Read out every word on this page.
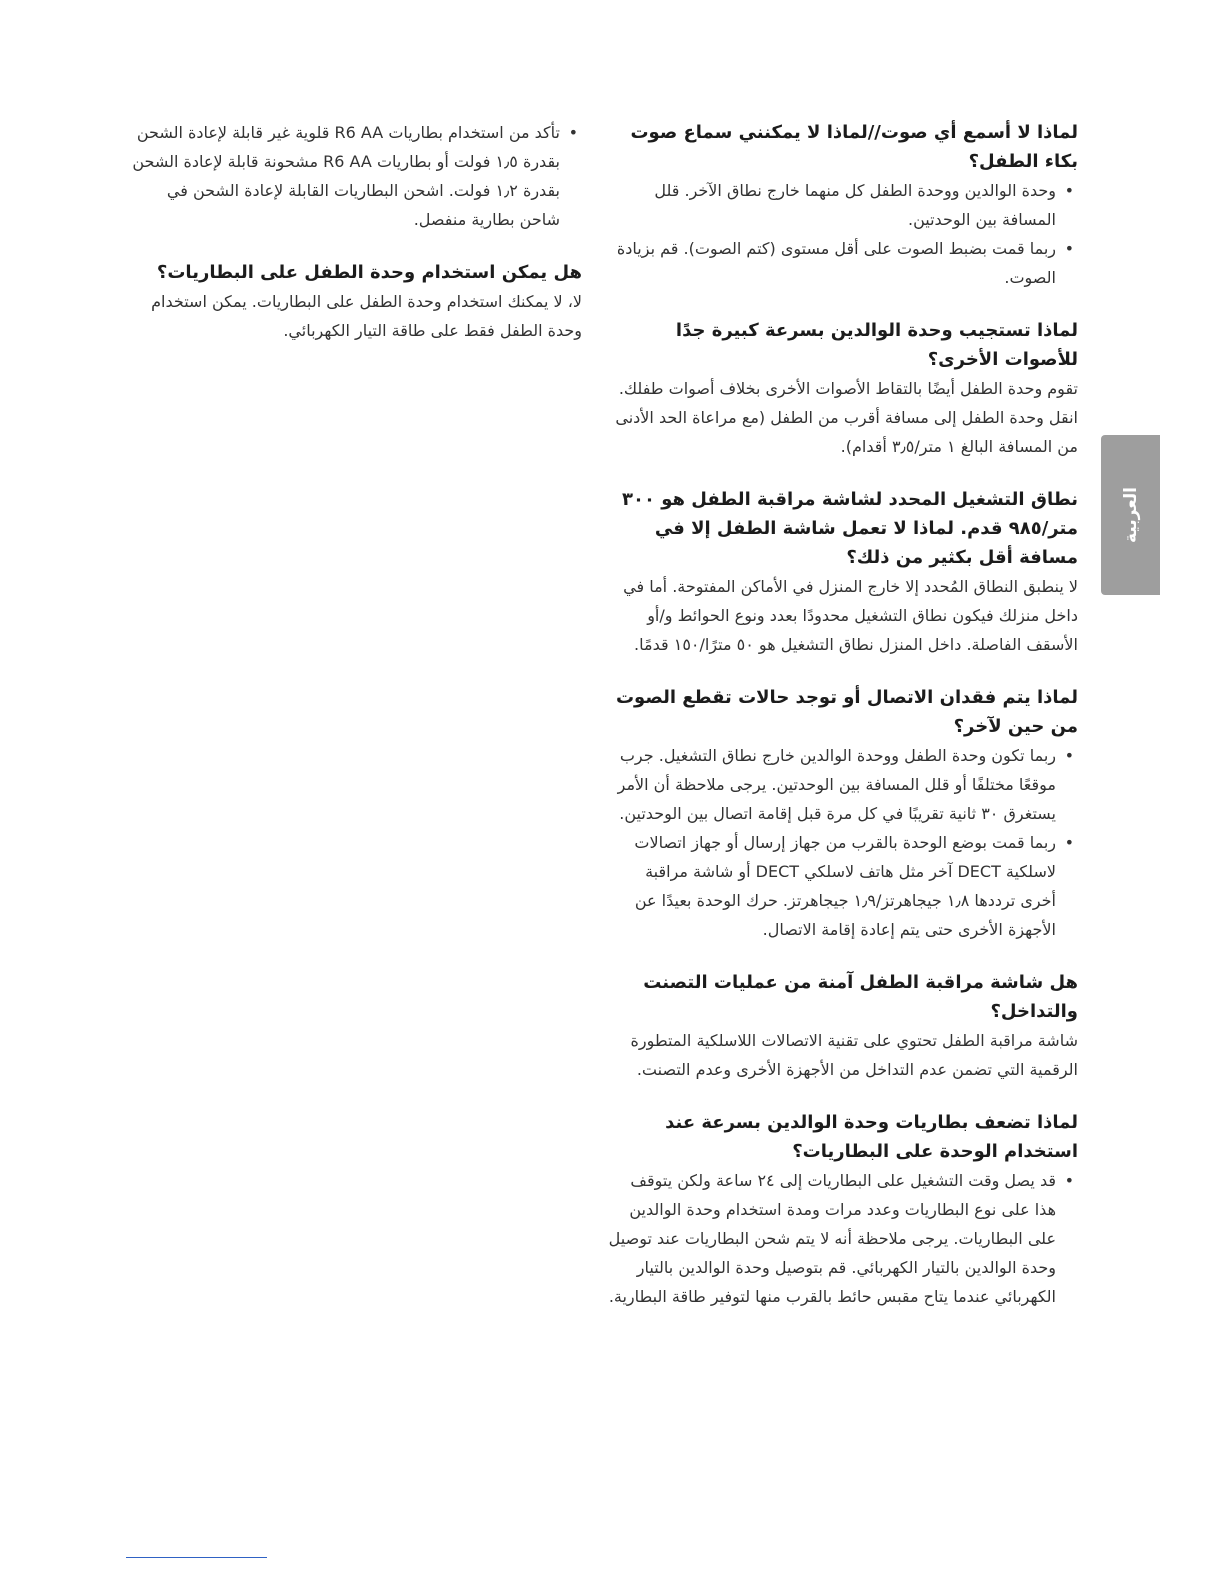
لماذا لا أسمع أي صوت//لماذا لا يمكنني سماع صوت بكاء الطفل؟
• وحدة الوالدين ووحدة الطفل كل منهما خارج نطاق الآخر. قلل المسافة بين الوحدتين.
• ربما قمت بضبط الصوت على أقل مستوى (كتم الصوت). قم بزيادة الصوت.
لماذا تستجيب وحدة الوالدين بسرعة كبيرة جدًا للأصوات الأخرى؟

تقوم وحدة الطفل أيضًا بالتقاط الأصوات الأخرى بخلاف أصوات طفلك. انقل وحدة الطفل إلى مسافة أقرب من الطفل (مع مراعاة الحد الأدنى من المسافة البالغ ١ متر/٣٫٥ أقدام).

نطاق التشغيل المحدد لشاشة مراقبة الطفل هو ٣٠٠ متر/٩٨٥ قدم. لماذا لا تعمل شاشة الطفل إلا في مسافة أقل بكثير من ذلك؟

لا ينطبق النطاق المُحدد إلا خارج المنزل في الأماكن المفتوحة. أما في داخل منزلك فيكون نطاق التشغيل محدودًا بعدد ونوع الحوائط و/أو الأسقف الفاصلة. داخل المنزل نطاق التشغيل هو ٥٠ مترًا/١٥٠ قدمًا.

لماذا يتم فقدان الاتصال أو توجد حالات تقطع الصوت من حين لآخر؟
• ربما تكون وحدة الطفل ووحدة الوالدين خارج نطاق التشغيل. جرب موقعًا مختلفًا أو قلل المسافة بين الوحدتين. يرجى ملاحظة أن الأمر يستغرق ٣٠ ثانية تقريبًا في كل مرة قبل إقامة اتصال بين الوحدتين.
• ربما قمت بوضع الوحدة بالقرب من جهاز إرسال أو جهاز اتصالات لاسلكية DECT آخر مثل هاتف لاسلكي DECT أو شاشة مراقبة أخرى ترددها ١٫٨ جيجاهرتز/١٫٩ جيجاهرتز. حرك الوحدة بعيدًا عن الأجهزة الأخرى حتى يتم إعادة إقامة الاتصال.
هل شاشة مراقبة الطفل آمنة من عمليات التصنت والتداخل؟

شاشة مراقبة الطفل تحتوي على تقنية الاتصالات اللاسلكية المتطورة الرقمية التي تضمن عدم التداخل من الأجهزة الأخرى وعدم التصنت.

لماذا تضعف بطاريات وحدة الوالدين بسرعة عند استخدام الوحدة على البطاريات؟
• قد يصل وقت التشغيل على البطاريات إلى ٢٤ ساعة ولكن يتوقف هذا على نوع البطاريات وعدد مرات ومدة استخدام وحدة الوالدين على البطاريات. يرجى ملاحظة أنه لا يتم شحن البطاريات عند توصيل وحدة الوالدين بالتيار الكهربائي. قم بتوصيل وحدة الوالدين بالتيار الكهربائي عندما يتاح مقبس حائط بالقرب منها لتوفير طاقة البطارية.
• تأكد من استخدام بطاريات R6 AA قلوية غير قابلة لإعادة الشحن بقدرة ١٫٥ فولت أو بطاريات R6 AA مشحونة قابلة لإعادة الشحن بقدرة ١٫٢ فولت. اشحن البطاريات القابلة لإعادة الشحن في شاحن بطارية منفصل.
هل يمكن استخدام وحدة الطفل على البطاريات؟

لا، لا يمكنك استخدام وحدة الطفل على البطاريات. يمكن استخدام وحدة الطفل فقط على طاقة التيار الكهربائي.

العربية
